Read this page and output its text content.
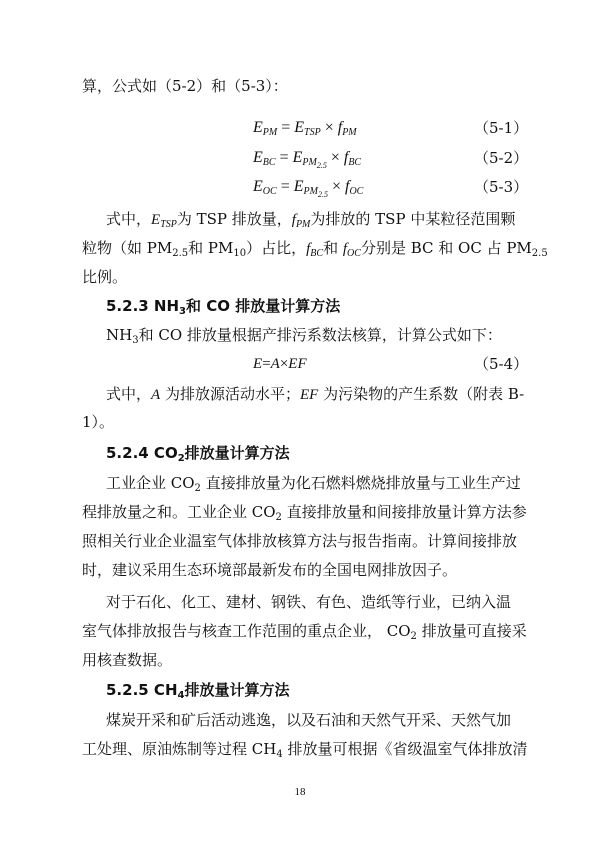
算，公式如（5-2）和（5-3）：
$E_{PM} = E_{TSP} \times f_{PM}$	（5-1）
$E_{BC} = E_{PM_{2.5}} \times f_{BC}$	（5-2）
$E_{OC} = E_{PM_{2.5}} \times f_{OC}$	（5-3）
式中，$E_{TSP}$为 TSP 排放量，$f_{PM}$为排放的 TSP 中某粒径范围颗
粒物（如 $PM_{2.5}$和 $PM_{10}$）占比，$f_{BC}$和 $f_{OC}$分别是 BC 和 OC 占 $PM_{2.5}$
比例。
5.2.3 $NH_3$和 CO 排放量计算方法
$NH_3$和 CO 排放量根据产排污系数法核算，计算公式如下：
E=A×EF	（5-4）
式中，A 为排放源活动水平；EF 为污染物的产生系数（附表 B-
1）。
5.2.4 $CO_2$排放量计算方法
工业企业 $CO_2$ 直接排放量为化石燃料燃烧排放量与工业生产过
程排放量之和。工业企业 $CO_2$ 直接排放量和间接排放量计算方法参
照相关行业企业温室气体排放核算方法与报告指南。计算间接排放
时，建议采用生态环境部最新发布的全国电网排放因子。
对于石化、化工、建材、钢铁、有色、造纸等行业，已纳入温
室气体排放报告与核查工作范围的重点企业， $CO_2$ 排放量可直接采
用核查数据。
5.2.5 $CH_4$排放量计算方法
煤炭开采和矿后活动逃逸，以及石油和天然气开采、天然气加
工处理、原油炼制等过程 $CH_4$ 排放量可根据《省级温室气体排放清
18
